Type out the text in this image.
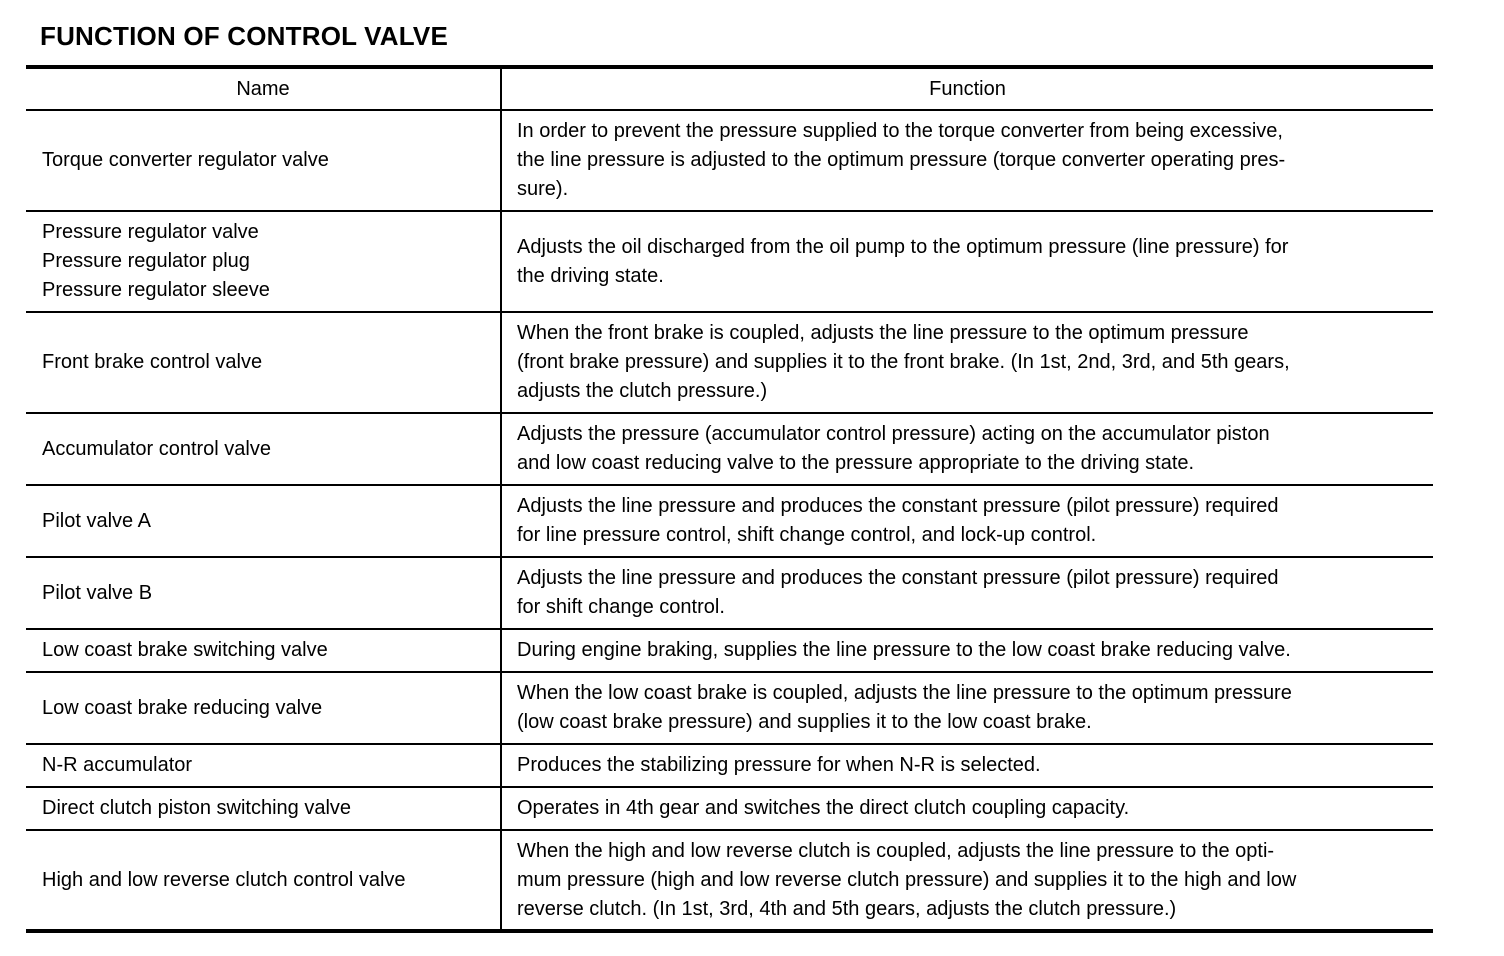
FUNCTION OF CONTROL VALVE
Name	Function
Torque converter regulator valve	In order to prevent the pressure supplied to the torque converter from being excessive,
the line pressure is adjusted to the optimum pressure (torque converter operating pres-
sure).
Pressure regulator valve
Pressure regulator plug
Pressure regulator sleeve	Adjusts the oil discharged from the oil pump to the optimum pressure (line pressure) for
the driving state.
Front brake control valve	When the front brake is coupled, adjusts the line pressure to the optimum pressure
(front brake pressure) and supplies it to the front brake. (In 1st, 2nd, 3rd, and 5th gears,
adjusts the clutch pressure.)
Accumulator control valve	Adjusts the pressure (accumulator control pressure) acting on the accumulator piston
and low coast reducing valve to the pressure appropriate to the driving state.
Pilot valve A	Adjusts the line pressure and produces the constant pressure (pilot pressure) required
for line pressure control, shift change control, and lock-up control.
Pilot valve B	Adjusts the line pressure and produces the constant pressure (pilot pressure) required
for shift change control.
Low coast brake switching valve	During engine braking, supplies the line pressure to the low coast brake reducing valve.
Low coast brake reducing valve	When the low coast brake is coupled, adjusts the line pressure to the optimum pressure
(low coast brake pressure) and supplies it to the low coast brake.
N-R accumulator	Produces the stabilizing pressure for when N-R is selected.
Direct clutch piston switching valve	Operates in 4th gear and switches the direct clutch coupling capacity.
High and low reverse clutch control valve	When the high and low reverse clutch is coupled, adjusts the line pressure to the opti-
mum pressure (high and low reverse clutch pressure) and supplies it to the high and low
reverse clutch. (In 1st, 3rd, 4th and 5th gears, adjusts the clutch pressure.)
